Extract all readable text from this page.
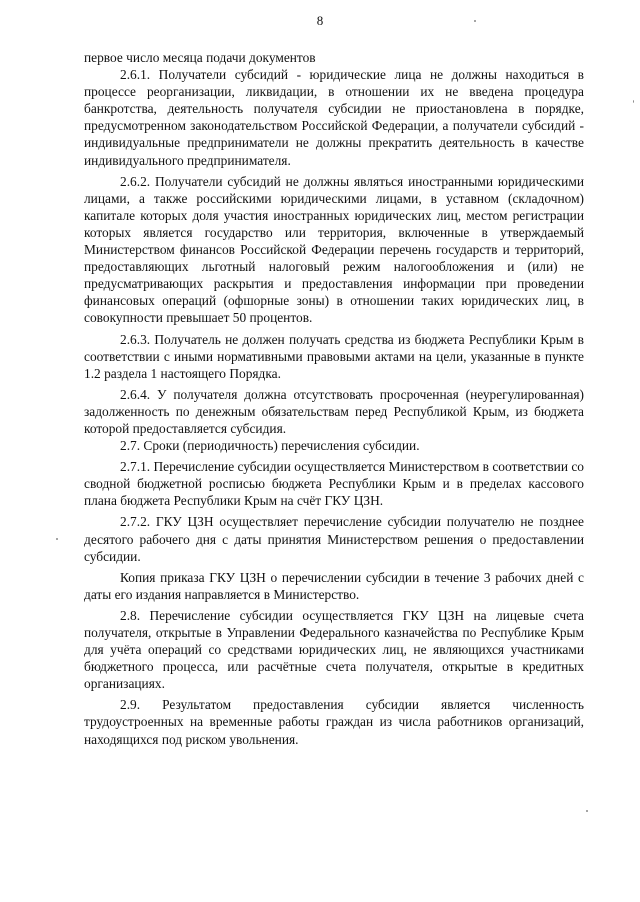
8

первое число месяца подачи документов

2.6.1. Получатели субсидий - юридические лица не должны находиться в процессе реорганизации, ликвидации, в отношении их не введена процедура банкротства, деятельность получателя субсидии не приостановлена в порядке, предусмотренном законодательством Российской Федерации, а получатели субсидий - индивидуальные предприниматели не должны прекратить деятельность в качестве индивидуального предпринимателя.

2.6.2. Получатели субсидий не должны являться иностранными юридическими лицами, а также российскими юридическими лицами, в уставном (складочном) капитале которых доля участия иностранных юридических лиц, местом регистрации которых является государство или территория, включенные в утверждаемый Министерством финансов Российской Федерации перечень государств и территорий, предоставляющих льготный налоговый режим налогообложения и (или) не предусматривающих раскрытия и предоставления информации при проведении финансовых операций (офшорные зоны) в отношении таких юридических лиц, в совокупности превышает 50 процентов.

2.6.3. Получатель не должен получать средства из бюджета Республики Крым в соответствии с иными нормативными правовыми актами на цели, указанные в пункте 1.2 раздела 1 настоящего Порядка.

2.6.4. У получателя должна отсутствовать просроченная (неурегулированная) задолженность по денежным обязательствам перед Республикой Крым, из бюджета которой предоставляется субсидия.

2.7. Сроки (периодичность) перечисления субсидии.

2.7.1. Перечисление субсидии осуществляется Министерством в соответствии со сводной бюджетной росписью бюджета Республики Крым и в пределах кассового плана бюджета Республики Крым на счёт ГКУ ЦЗН.

2.7.2. ГКУ ЦЗН осуществляет перечисление субсидии получателю не позднее десятого рабочего дня с даты принятия Министерством решения о предоставлении субсидии.

Копия приказа ГКУ ЦЗН о перечислении субсидии в течение 3 рабочих дней с даты его издания направляется в Министерство.

2.8. Перечисление субсидии осуществляется ГКУ ЦЗН на лицевые счета получателя, открытые в Управлении Федерального казначейства по Республике Крым для учёта операций со средствами юридических лиц, не являющихся участниками бюджетного процесса, или расчётные счета получателя, открытые в кредитных организациях.

2.9. Результатом предоставления субсидии является численность трудоустроенных на временные работы граждан из числа работников организаций, находящихся под риском увольнения.
